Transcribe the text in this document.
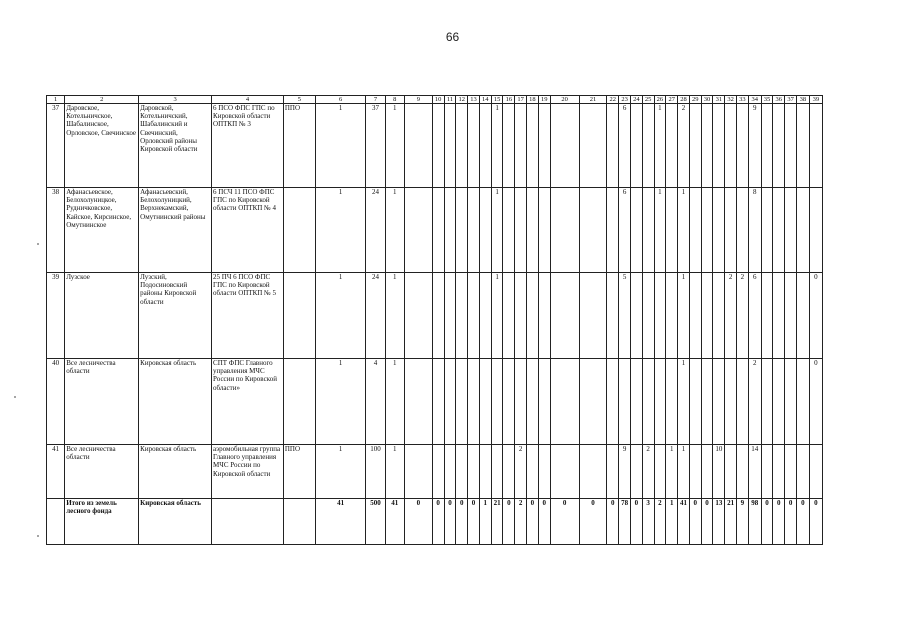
66
1	2	3	4	5	6	7	8	9	10	11	12	13	14	15	16	17	18	19	20	21	22	23	24	25	26	27	28	29	30	31	32	33	34	35	36	37	38	39
37	Даровское, Котельничское, Шабалинское, Орловское, Свечинское	Даровской, Котельничский, Шабалинский и Свечинский, Орловский районы Кировской области	6 ПСО ФПС ГПС по Кировской области ОПТКП № 3	ППО	1	37	1							1								6			1		2						9					
38	Афанасьевское, Белохолуницкое, Рудничковское, Кайское, Кирсинское, Омутнинское	Афанасьевский, Белохолуницкий, Верхнекамский, Омутнинский районы	6 ПСЧ 11 ПСО ФПС ГПС по Кировской области ОПТКП № 4		1	24	1							1								6			1		1						8					
39	Лузское	Лузский, Подосиновский районы Кировской области	25 ПЧ 6 ПСО ФПС ГПС по Кировской области ОПТКП № 5		1	24	1							1								5					1				2	2	6					0
40	Все лесничества области	Кировская область	СПТ ФПС Главного управления МЧС России по Кировской области»		1	4	1																				1						2					0
41	Все лесничества области	Кировская область	аэромобильная группа Главного управления МЧС России по Кировской области	ППО	1	100	1									2						9		2		1	1			10			14					
	Итого из земель лесного фонда	Кировская область			41	500	41	0	0	0	0	0	1	21	0	2	0	0	0	0	0	78	0	3	2	1	41	0	0	13	21	9	98	0	0	0	0	0
